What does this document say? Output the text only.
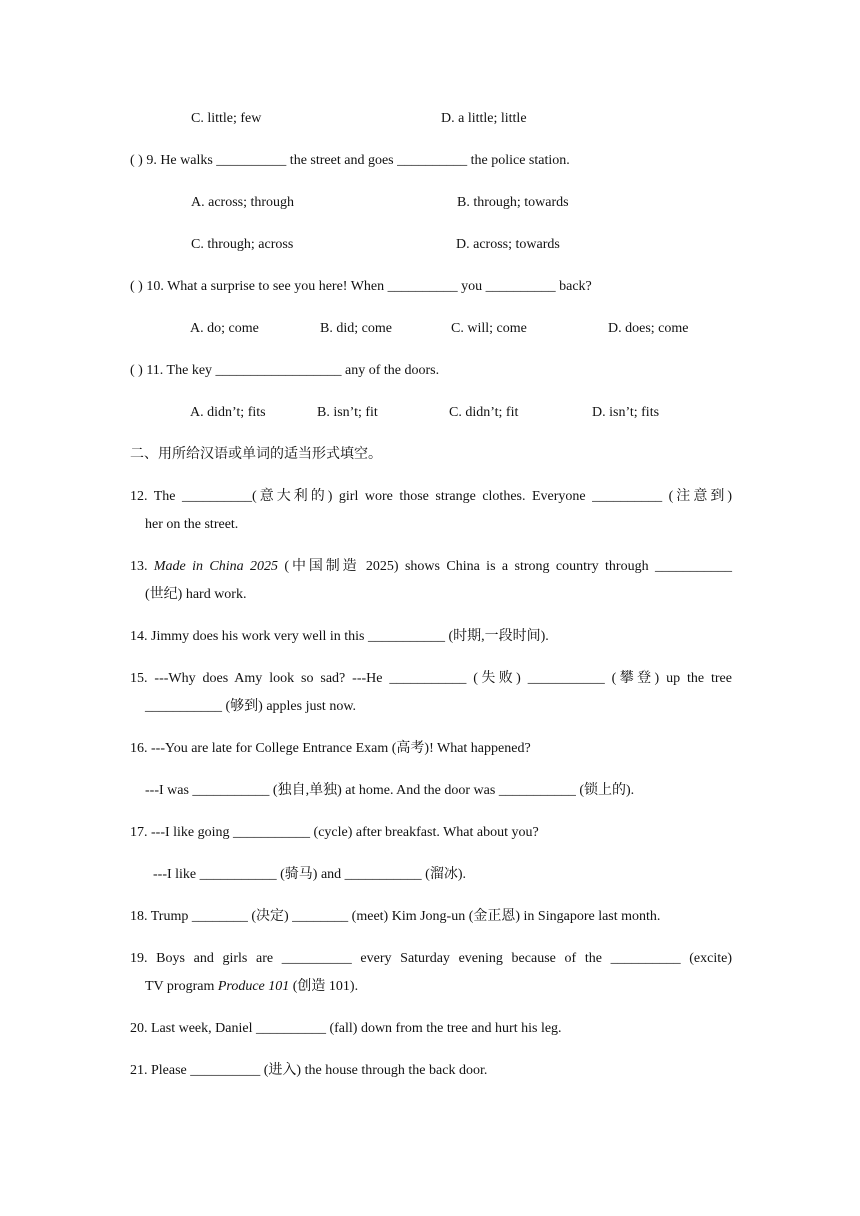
C. little; few	D. a little; little
( ) 9. He walks __________ the street and goes __________ the police station.
A. across; through	B. through; towards
C. through; across	D. across; towards
( ) 10. What a surprise to see you here! When __________ you __________ back?
A. do; come	B. did; come	C. will; come	D. does; come
( ) 11. The key __________________ any of the doors.
A. didn’t; fits	B. isn’t; fit	C. didn’t; fit	D. isn’t; fits
二、用所给汉语或单词的适当形式填空。
12. The __________(意大利的) girl wore those strange clothes. Everyone __________ (注意到)
her on the street.
13. Made in China 2025 (中国制造 2025) shows China is a strong country through ___________
(世纪) hard work.
14. Jimmy does his work very well in this ___________ (时期,一段时间).
15. ---Why does Amy look so sad? ---He ___________ (失败) ___________ (攀登) up the tree
___________ (够到) apples just now.
16. ---You are late for College Entrance Exam (高考)! What happened?
---I was ___________ (独自,单独) at home. And the door was ___________ (锁上的).
17. ---I like going ___________ (cycle) after breakfast. What about you?
---I like ___________ (骑马) and ___________ (溜冰).
18. Trump ________ (决定) ________ (meet) Kim Jong-un (金正恩) in Singapore last month.
19. Boys and girls are __________ every Saturday evening because of the __________ (excite)
TV program Produce 101 (创造 101).
20. Last week, Daniel __________ (fall) down from the tree and hurt his leg.
21. Please __________ (进入) the house through the back door.
